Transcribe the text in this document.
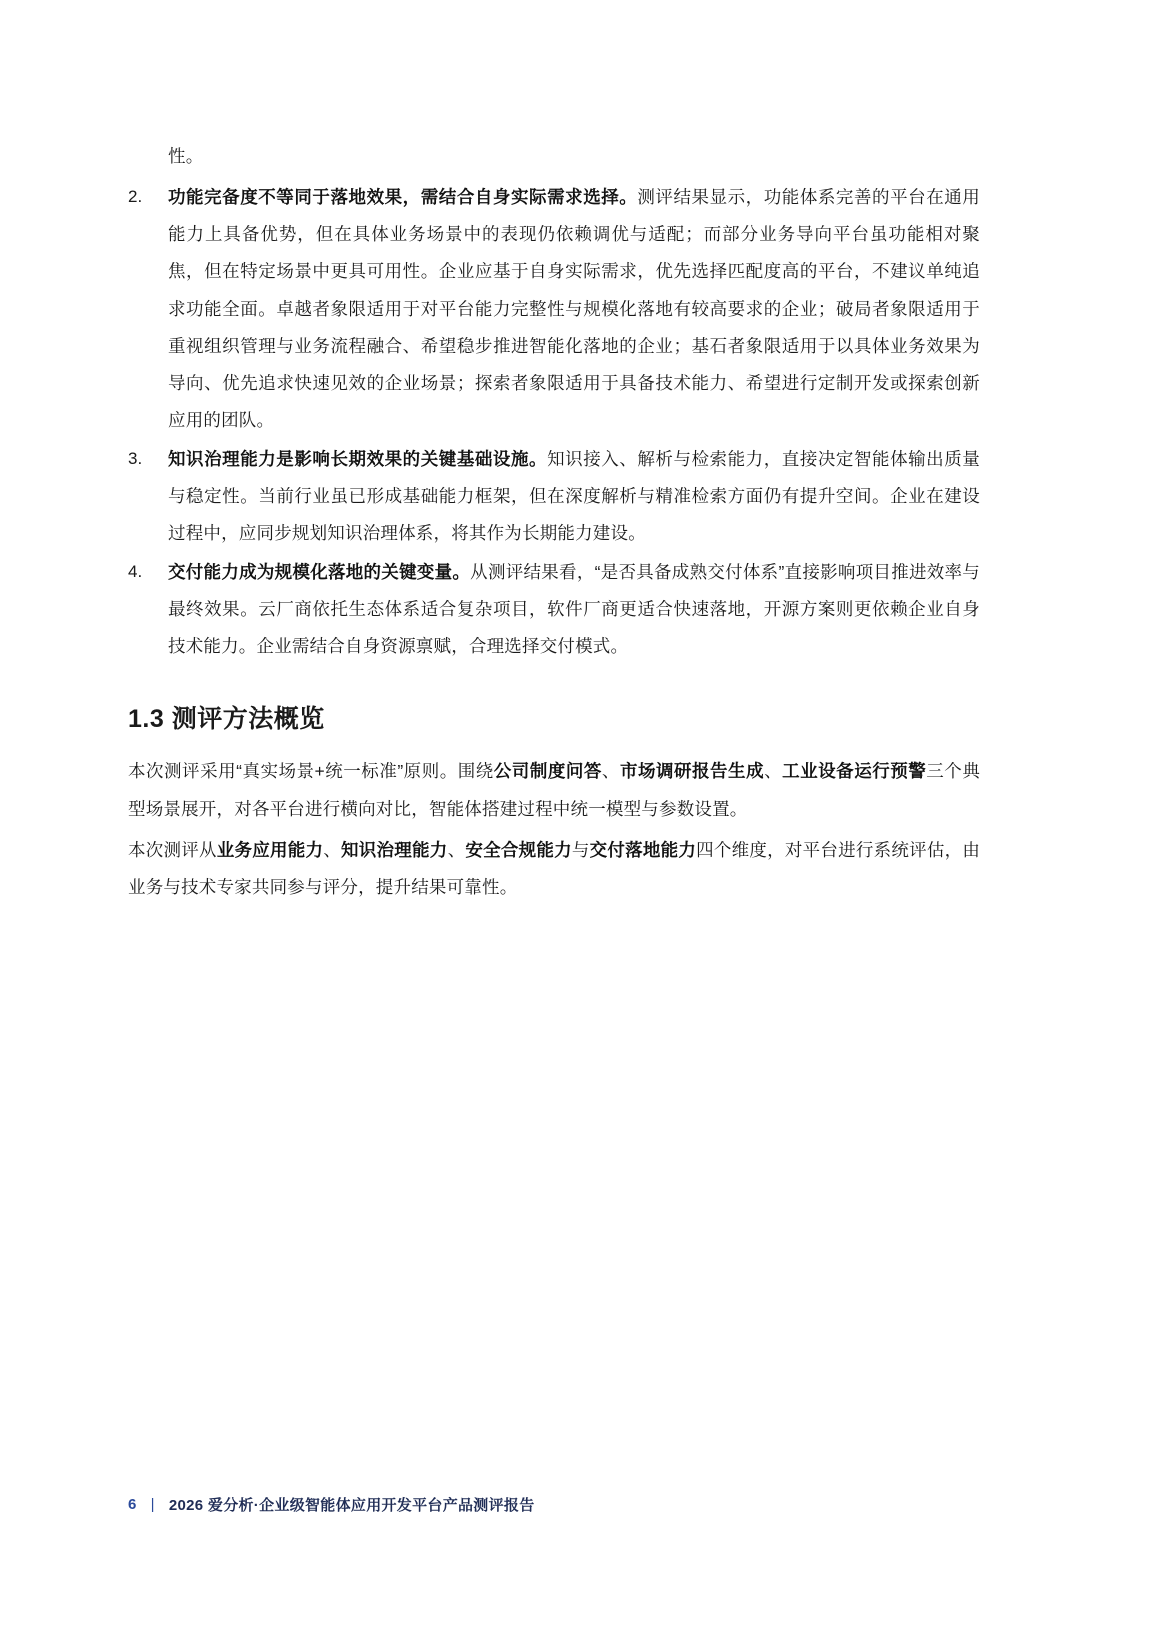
性。

2.	功能完备度不等同于落地效果，需结合自身实际需求选择。测评结果显示，功能体系完善的平台在通用能力上具备优势，但在具体业务场景中的表现仍依赖调优与适配；而部分业务导向平台虽功能相对聚焦，但在特定场景中更具可用性。企业应基于自身实际需求，优先选择匹配度高的平台，不建议单纯追求功能全面。卓越者象限适用于对平台能力完整性与规模化落地有较高要求的企业；破局者象限适用于重视组织管理与业务流程融合、希望稳步推进智能化落地的企业；基石者象限适用于以具体业务效果为导向、优先追求快速见效的企业场景；探索者象限适用于具备技术能力、希望进行定制开发或探索创新应用的团队。

3.	知识治理能力是影响长期效果的关键基础设施。知识接入、解析与检索能力，直接决定智能体输出质量与稳定性。当前行业虽已形成基础能力框架，但在深度解析与精准检索方面仍有提升空间。企业在建设过程中，应同步规划知识治理体系，将其作为长期能力建设。

4.	交付能力成为规模化落地的关键变量。从测评结果看，“是否具备成熟交付体系”直接影响项目推进效率与最终效果。云厂商依托生态体系适合复杂项目，软件厂商更适合快速落地，开源方案则更依赖企业自身技术能力。企业需结合自身资源禀赋，合理选择交付模式。

1.3 测评方法概览

本次测评采用“真实场景+统一标准”原则。围绕公司制度问答、市场调研报告生成、工业设备运行预警三个典型场景展开，对各平台进行横向对比，智能体搭建过程中统一模型与参数设置。

本次测评从业务应用能力、知识治理能力、安全合规能力与交付落地能力四个维度，对平台进行系统评估，由业务与技术专家共同参与评分，提升结果可靠性。

6 | 2026 爱分析·企业级智能体应用开发平台产品测评报告
